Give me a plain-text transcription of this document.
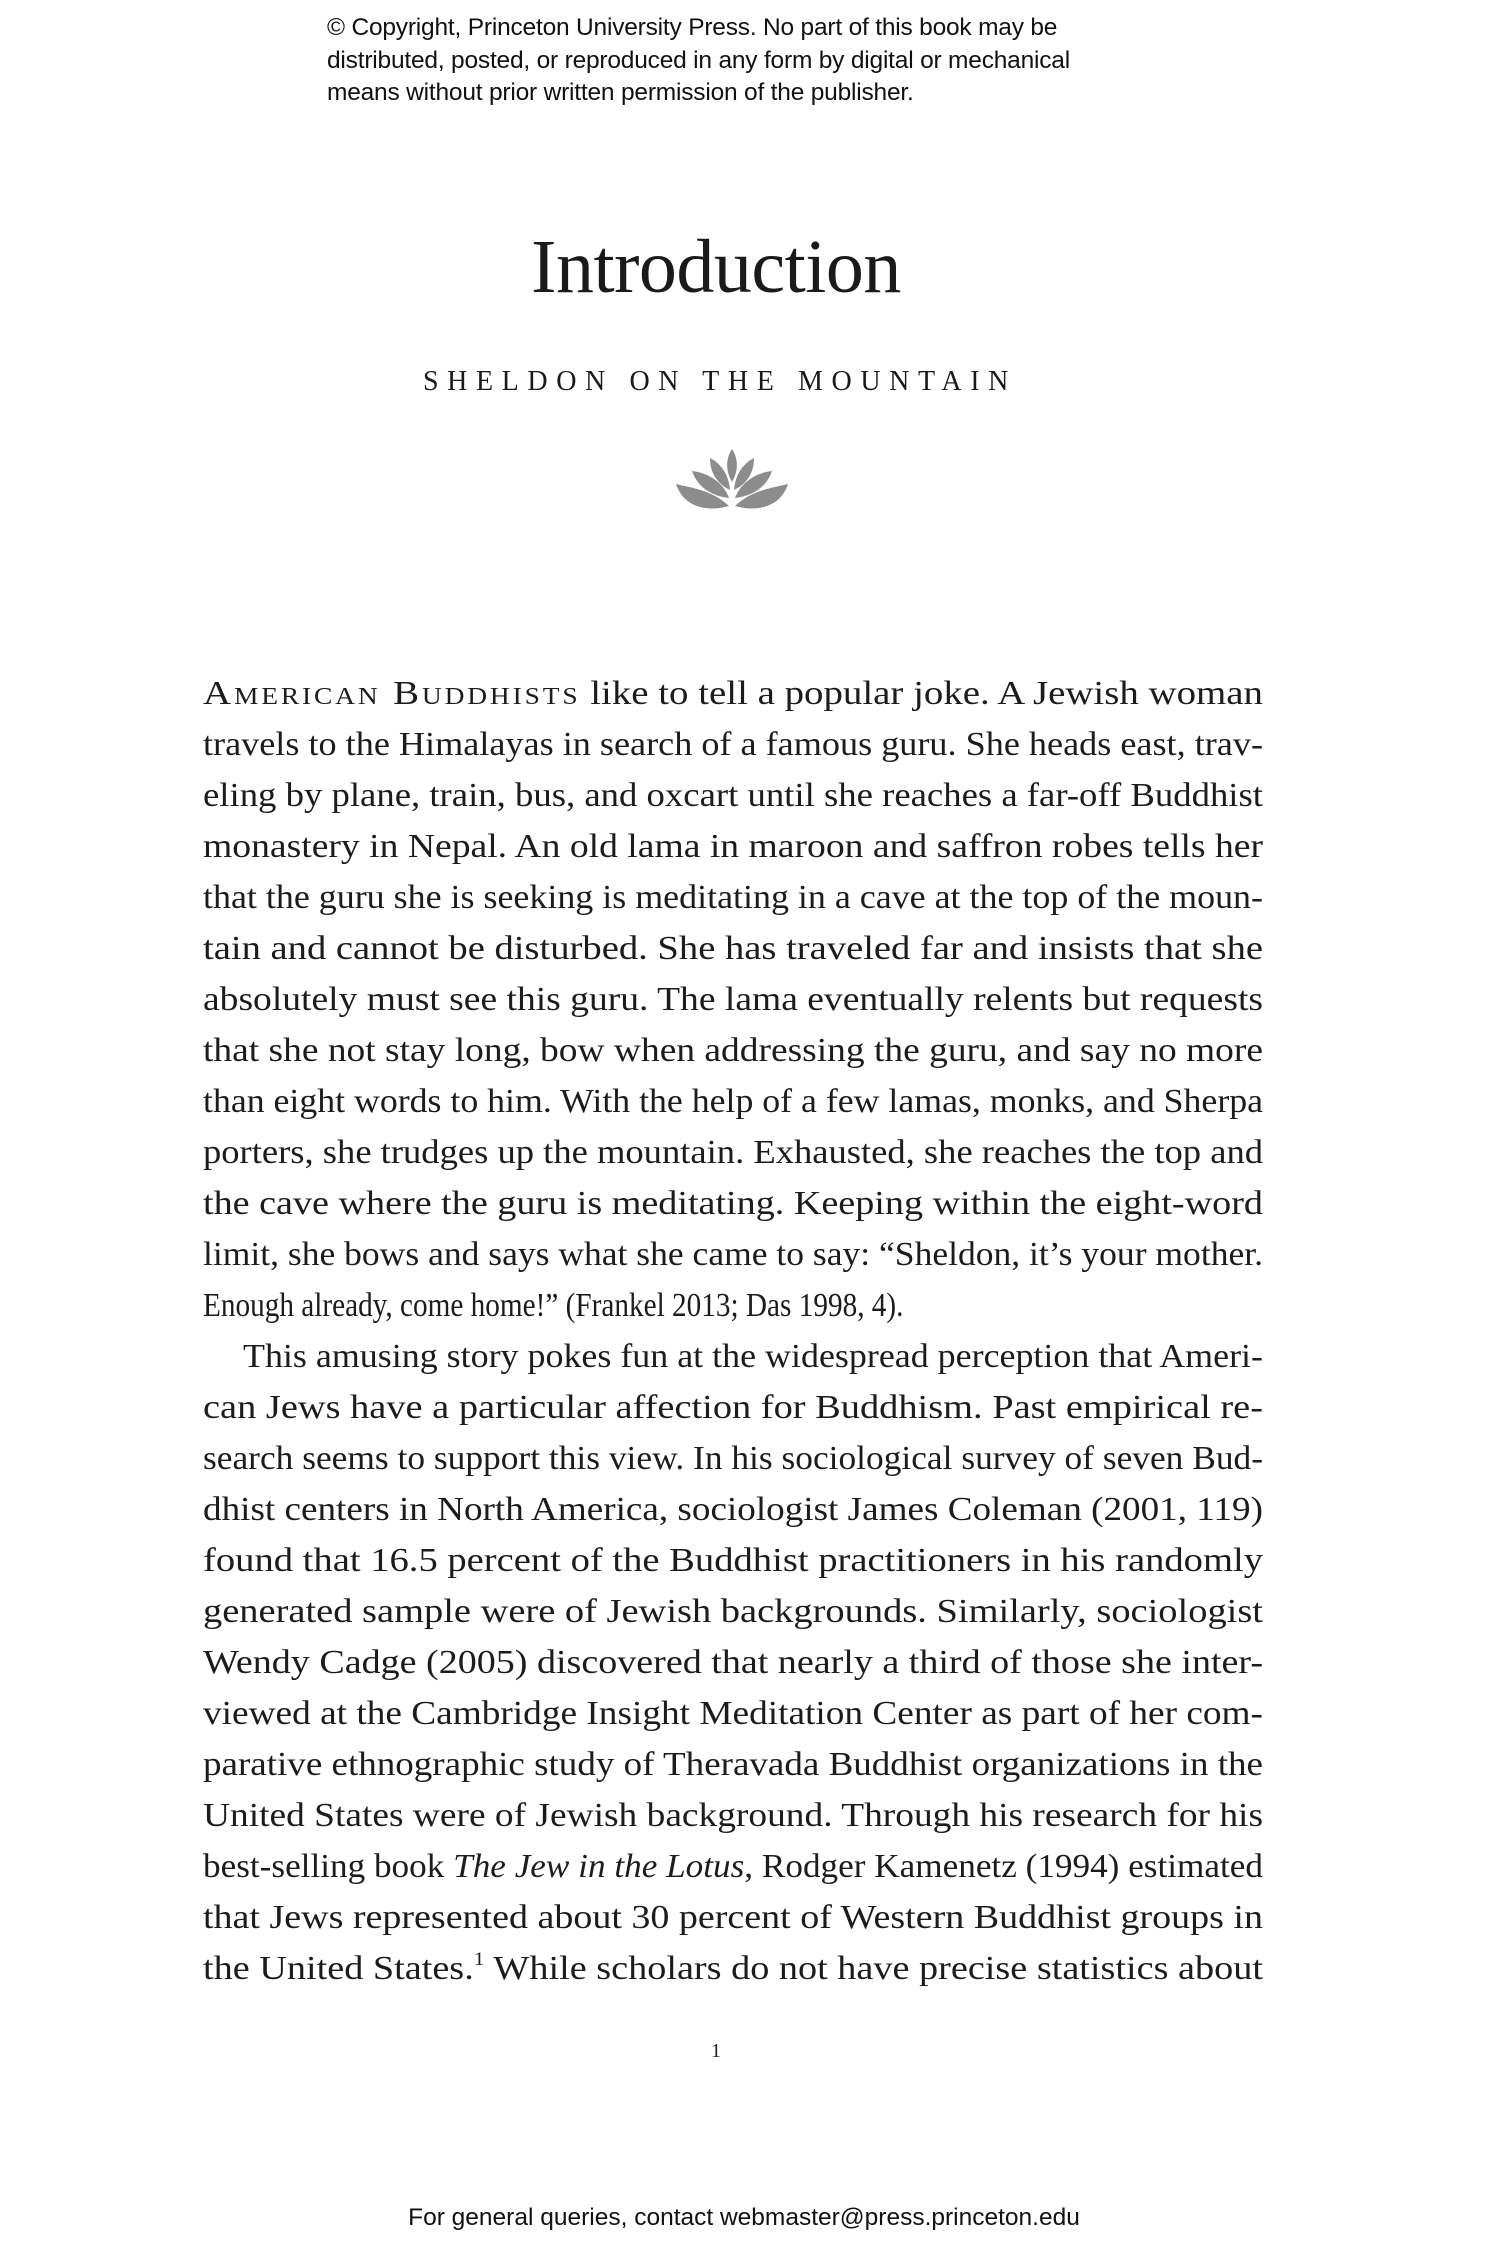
© Copyright, Princeton University Press. No part of this book may be
distributed, posted, or reproduced in any form by digital or mechanical
means without prior written permission of the publisher.
Introduction
SHELDON ON THE MOUNTAIN
American Buddhists like to tell a popular joke. A Jewish woman
travels to the Himalayas in search of a famous guru. She heads east, trav-
eling by plane, train, bus, and oxcart until she reaches a far-off Buddhist
monastery in Nepal. An old lama in maroon and saffron robes tells her
that the guru she is seeking is meditating in a cave at the top of the moun-
tain and cannot be disturbed. She has traveled far and insists that she
absolutely must see this guru. The lama eventually relents but requests
that she not stay long, bow when addressing the guru, and say no more
than eight words to him. With the help of a few lamas, monks, and Sherpa
porters, she trudges up the mountain. Exhausted, she reaches the top and
the cave where the guru is meditating. Keeping within the eight-word
limit, she bows and says what she came to say: “Sheldon, it’s your mother.
Enough already, come home!” (Frankel 2013; Das 1998, 4).
This amusing story pokes fun at the widespread perception that Ameri-
can Jews have a particular affection for Buddhism. Past empirical re-
search seems to support this view. In his sociological survey of seven Bud-
dhist centers in North America, sociologist James Coleman (2001, 119)
found that 16.5 percent of the Buddhist practitioners in his randomly
generated sample were of Jewish backgrounds. Similarly, sociologist
Wendy Cadge (2005) discovered that nearly a third of those she inter-
viewed at the Cambridge Insight Meditation Center as part of her com-
parative ethnographic study of Theravada Buddhist organizations in the
United States were of Jewish background. Through his research for his
best-selling book The Jew in the Lotus, Rodger Kamenetz (1994) estimated
that Jews represented about 30 percent of Western Buddhist groups in
the United States.$^1$ While scholars do not have precise statistics about
1
For general queries, contact webmaster@press.princeton.edu
